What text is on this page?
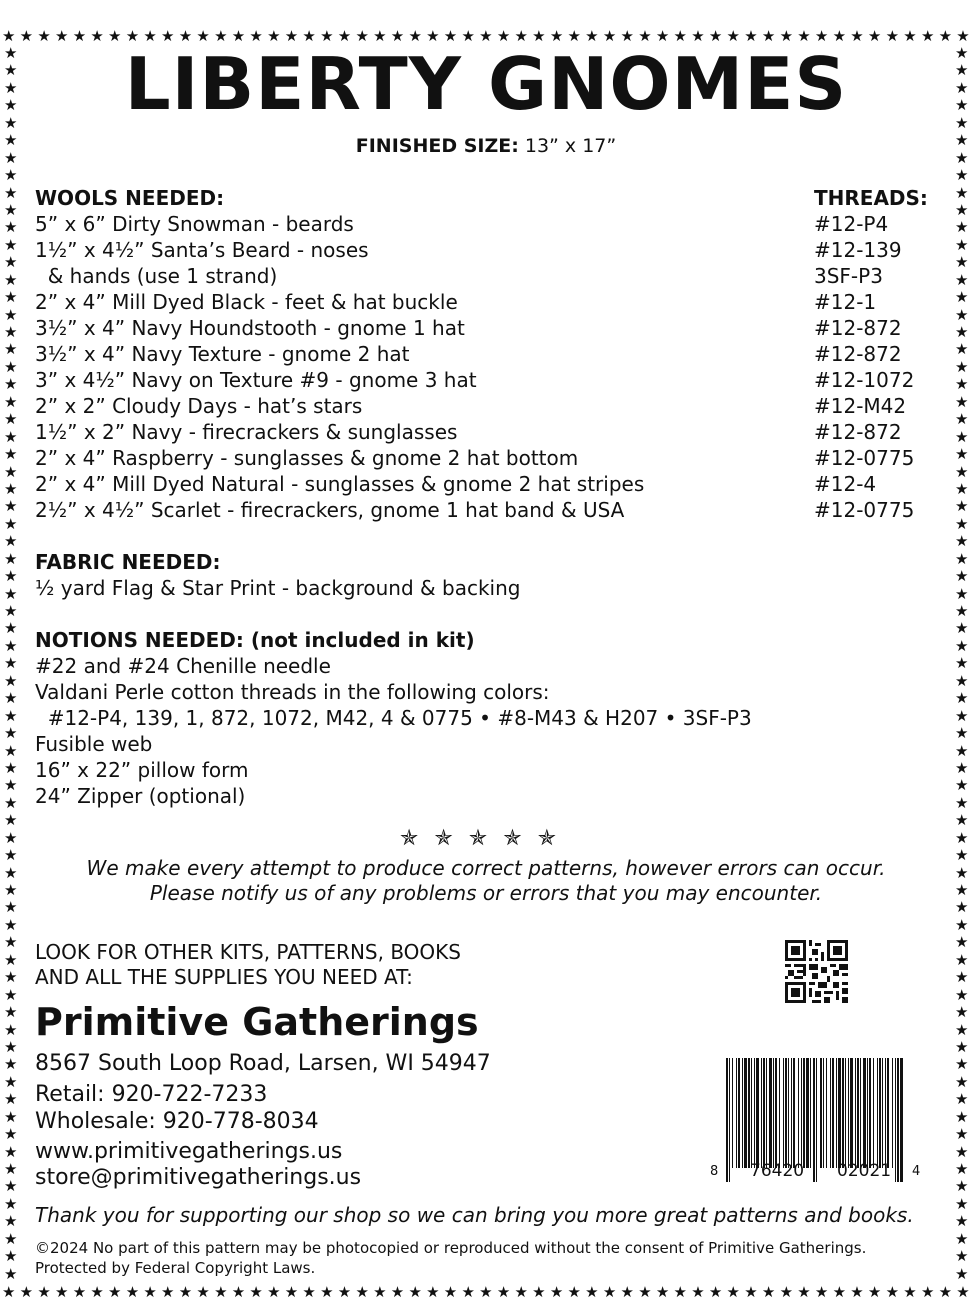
★ ★ ★ ★ ★ ★ ★ ★ ★ ★ ★ ★ ★ ★ ★ ★ ★ ★ ★ ★ ★ ★ ★ ★ ★ ★ ★ ★ ★ ★ ★ ★ ★ ★ ★ ★ ★ ★ ★ ★ ★ ★ ★ ★ ★ ★ ★ ★ ★ ★ ★ ★ ★ ★ ★
★ ★ ★ ★ ★ ★ ★ ★ ★ ★ ★ ★ ★ ★ ★ ★ ★ ★ ★ ★ ★ ★ ★ ★ ★ ★ ★ ★ ★ ★ ★ ★ ★ ★ ★ ★ ★ ★ ★ ★ ★ ★ ★ ★ ★ ★ ★ ★ ★ ★ ★ ★ ★ ★ ★
★
★
★
★
★
★
★
★
★
★
★
★
★
★
★
★
★
★
★
★
★
★
★
★
★
★
★
★
★
★
★
★
★
★
★
★
★
★
★
★
★
★
★
★
★
★
★
★
★
★
★
★
★
★
★
★
★
★
★
★
★
★
★
★
★
★
★
★
★
★
★
★
★
★
★
★
★
★
★
★
★
★
★
★
★
★
★
★
★
★
★
★
★
★
★
★
★
★
★
★
★
★
★
★
★
★
★
★
★
★
★
★
★
★
★
★
★
★
★
★
★
★
★
★
★
★
★
★
★
★
★
★
★
★
★
★
★
★
★
★
★
★
LIBERTY GNOMES
FINISHED SIZE: 13” x 17”
WOOLS NEEDED:	THREADS:
5” x 6” Dirty Snowman - beards	#12-P4
1½” x 4½” Santa’s Beard - noses	#12-139
& hands (use 1 strand)	3SF-P3
2” x 4” Mill Dyed Black - feet & hat buckle	#12-1
3½” x 4” Navy Houndstooth - gnome 1 hat	#12-872
3½” x 4” Navy Texture - gnome 2 hat	#12-872
3” x 4½” Navy on Texture #9 - gnome 3 hat	#12-1072
2” x 2” Cloudy Days - hat’s stars	#12-M42
1½” x 2” Navy - firecrackers & sunglasses	#12-872
2” x 4” Raspberry - sunglasses & gnome 2 hat bottom	#12-0775
2” x 4” Mill Dyed Natural - sunglasses & gnome 2 hat stripes	#12-4
2½” x 4½” Scarlet - firecrackers, gnome 1 hat band & USA	#12-0775
FABRIC NEEDED:
½ yard Flag & Star Print - background & backing
NOTIONS NEEDED: (not included in kit)
#22 and #24 Chenille needle
Valdani Perle cotton threads in the following colors:
#12-P4, 139, 1, 872, 1072, M42, 4 & 0775 • #8-M43 & H207 • 3SF-P3
Fusible web
16” x 22” pillow form
24” Zipper (optional)
✯✯✯✯✯
We make every attempt to produce correct patterns, however errors can occur.
Please notify us of any problems or errors that you may encounter.
LOOK FOR OTHER KITS, PATTERNS, BOOKS
AND ALL THE SUPPLIES YOU NEED AT:
Primitive Gatherings
8567 South Loop Road, Larsen, WI 54947
Retail: 920-722-7233
Wholesale: 920-778-8034
www.primitivegatherings.us
store@primitivegatherings.us	8 76420 02021 4
Thank you for supporting our shop so we can bring you more great patterns and books.
©2024 No part of this pattern may be photocopied or reproduced without the consent of Primitive Gatherings.
Protected by Federal Copyright Laws.
